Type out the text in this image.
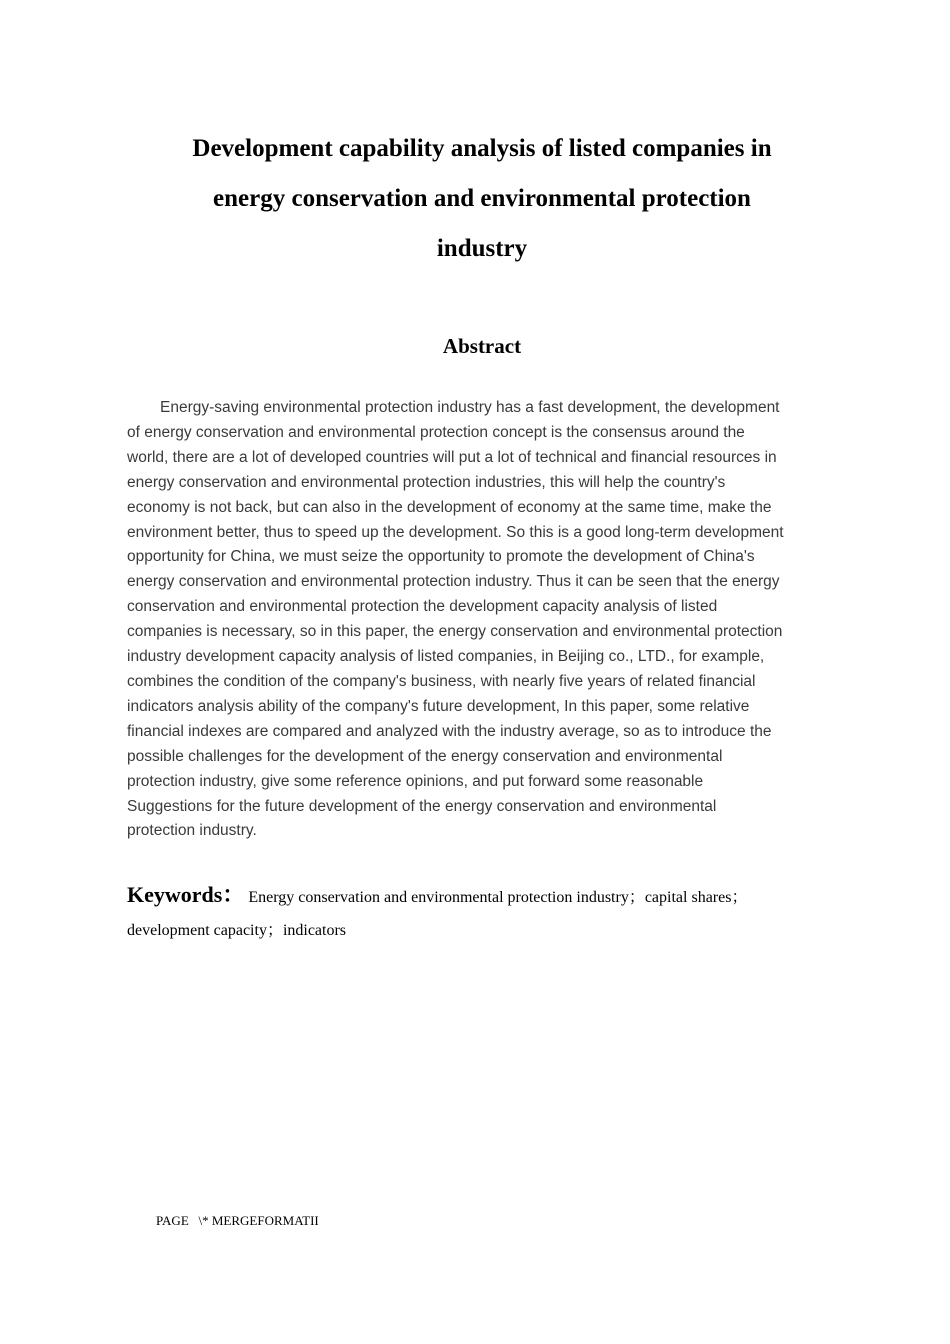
Development capability analysis of listed companies in
energy conservation and environmental protection
industry
Abstract
Energy-saving environmental protection industry has a fast development, the development
of energy conservation and environmental protection concept is the consensus around the
world, there are a lot of developed countries will put a lot of technical and financial resources in
energy conservation and environmental protection industries, this will help the country's
economy is not back, but can also in the development of economy at the same time, make the
environment better, thus to speed up the development. So this is a good long-term development
opportunity for China, we must seize the opportunity to promote the development of China's
energy conservation and environmental protection industry. Thus it can be seen that the energy
conservation and environmental protection the development capacity analysis of listed
companies is necessary, so in this paper, the energy conservation and environmental protection
industry development capacity analysis of listed companies, in Beijing co., LTD., for example,
combines the condition of the company's business, with nearly five years of related financial
indicators analysis ability of the company's future development, In this paper, some relative
financial indexes are compared and analyzed with the industry average, so as to introduce the
possible challenges for the development of the energy conservation and environmental
protection industry, give some reference opinions, and put forward some reasonable
Suggestions for the future development of the energy conservation and environmental
protection industry.
Keywords： Energy conservation and environmental protection industry；capital shares；
development capacity；indicators
PAGE   \* MERGEFORMATII
